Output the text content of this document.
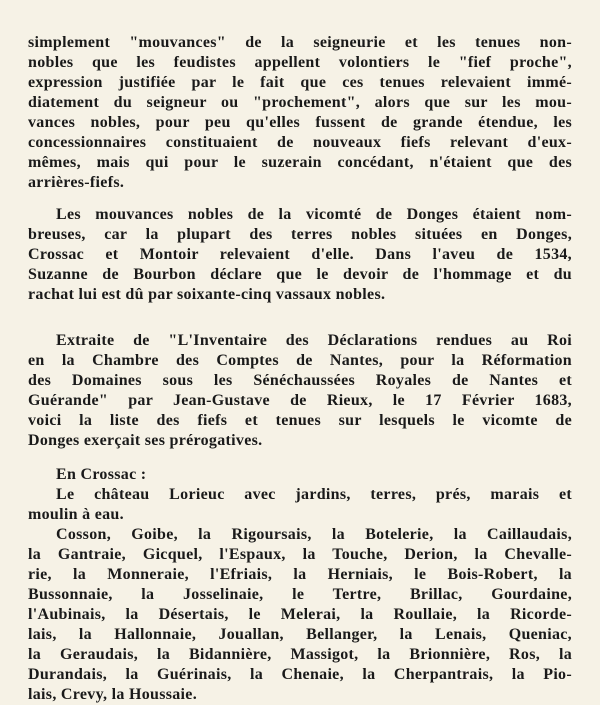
simplement "mouvances" de la seigneurie et les tenues non-
nobles que les feudistes appellent volontiers le "fief proche",
expression justifiée par le fait que ces tenues relevaient immé-
diatement du seigneur ou "prochement", alors que sur les mou-
vances nobles, pour peu qu'elles fussent de grande étendue, les
concessionnaires constituaient de nouveaux fiefs relevant d'eux-
mêmes, mais qui pour le suzerain concédant, n'étaient que des
arrières-fiefs.
Les mouvances nobles de la vicomté de Donges étaient nom-
breuses, car la plupart des terres nobles situées en Donges,
Crossac et Montoir relevaient d'elle. Dans l'aveu de 1534,
Suzanne de Bourbon déclare que le devoir de l'hommage et du
rachat lui est dû par soixante-cinq vassaux nobles.
Extraite de "L'Inventaire des Déclarations rendues au Roi
en la Chambre des Comptes de Nantes, pour la Réformation
des Domaines sous les Sénéchaussées Royales de Nantes et
Guérande" par Jean-Gustave de Rieux, le 17 Février 1683,
voici la liste des fiefs et tenues sur lesquels le vicomte de
Donges exerçait ses prérogatives.
En Crossac :
Le château Lorieuc avec jardins, terres, prés, marais et
moulin à eau.
Cosson, Goibe, la Rigoursais, la Botelerie, la Caillaudais,
la Gantraie, Gicquel, l'Espaux, la Touche, Derion, la Chevalle-
rie, la Monneraie, l'Efriais, la Herniais, le Bois-Robert, la
Bussonnaie, la Josselinaie, le Tertre, Brillac, Gourdaine,
l'Aubinais, la Désertais, le Melerai, la Roullaie, la Ricorde-
lais, la Hallonnaie, Jouallan, Bellanger, la Lenais, Queniac,
la Geraudais, la Bidannière, Massigot, la Brionnière, Ros, la
Durandais, la Guérinais, la Chenaie, la Cherpantrais, la Pio-
lais, Crevy, la Houssaie.
